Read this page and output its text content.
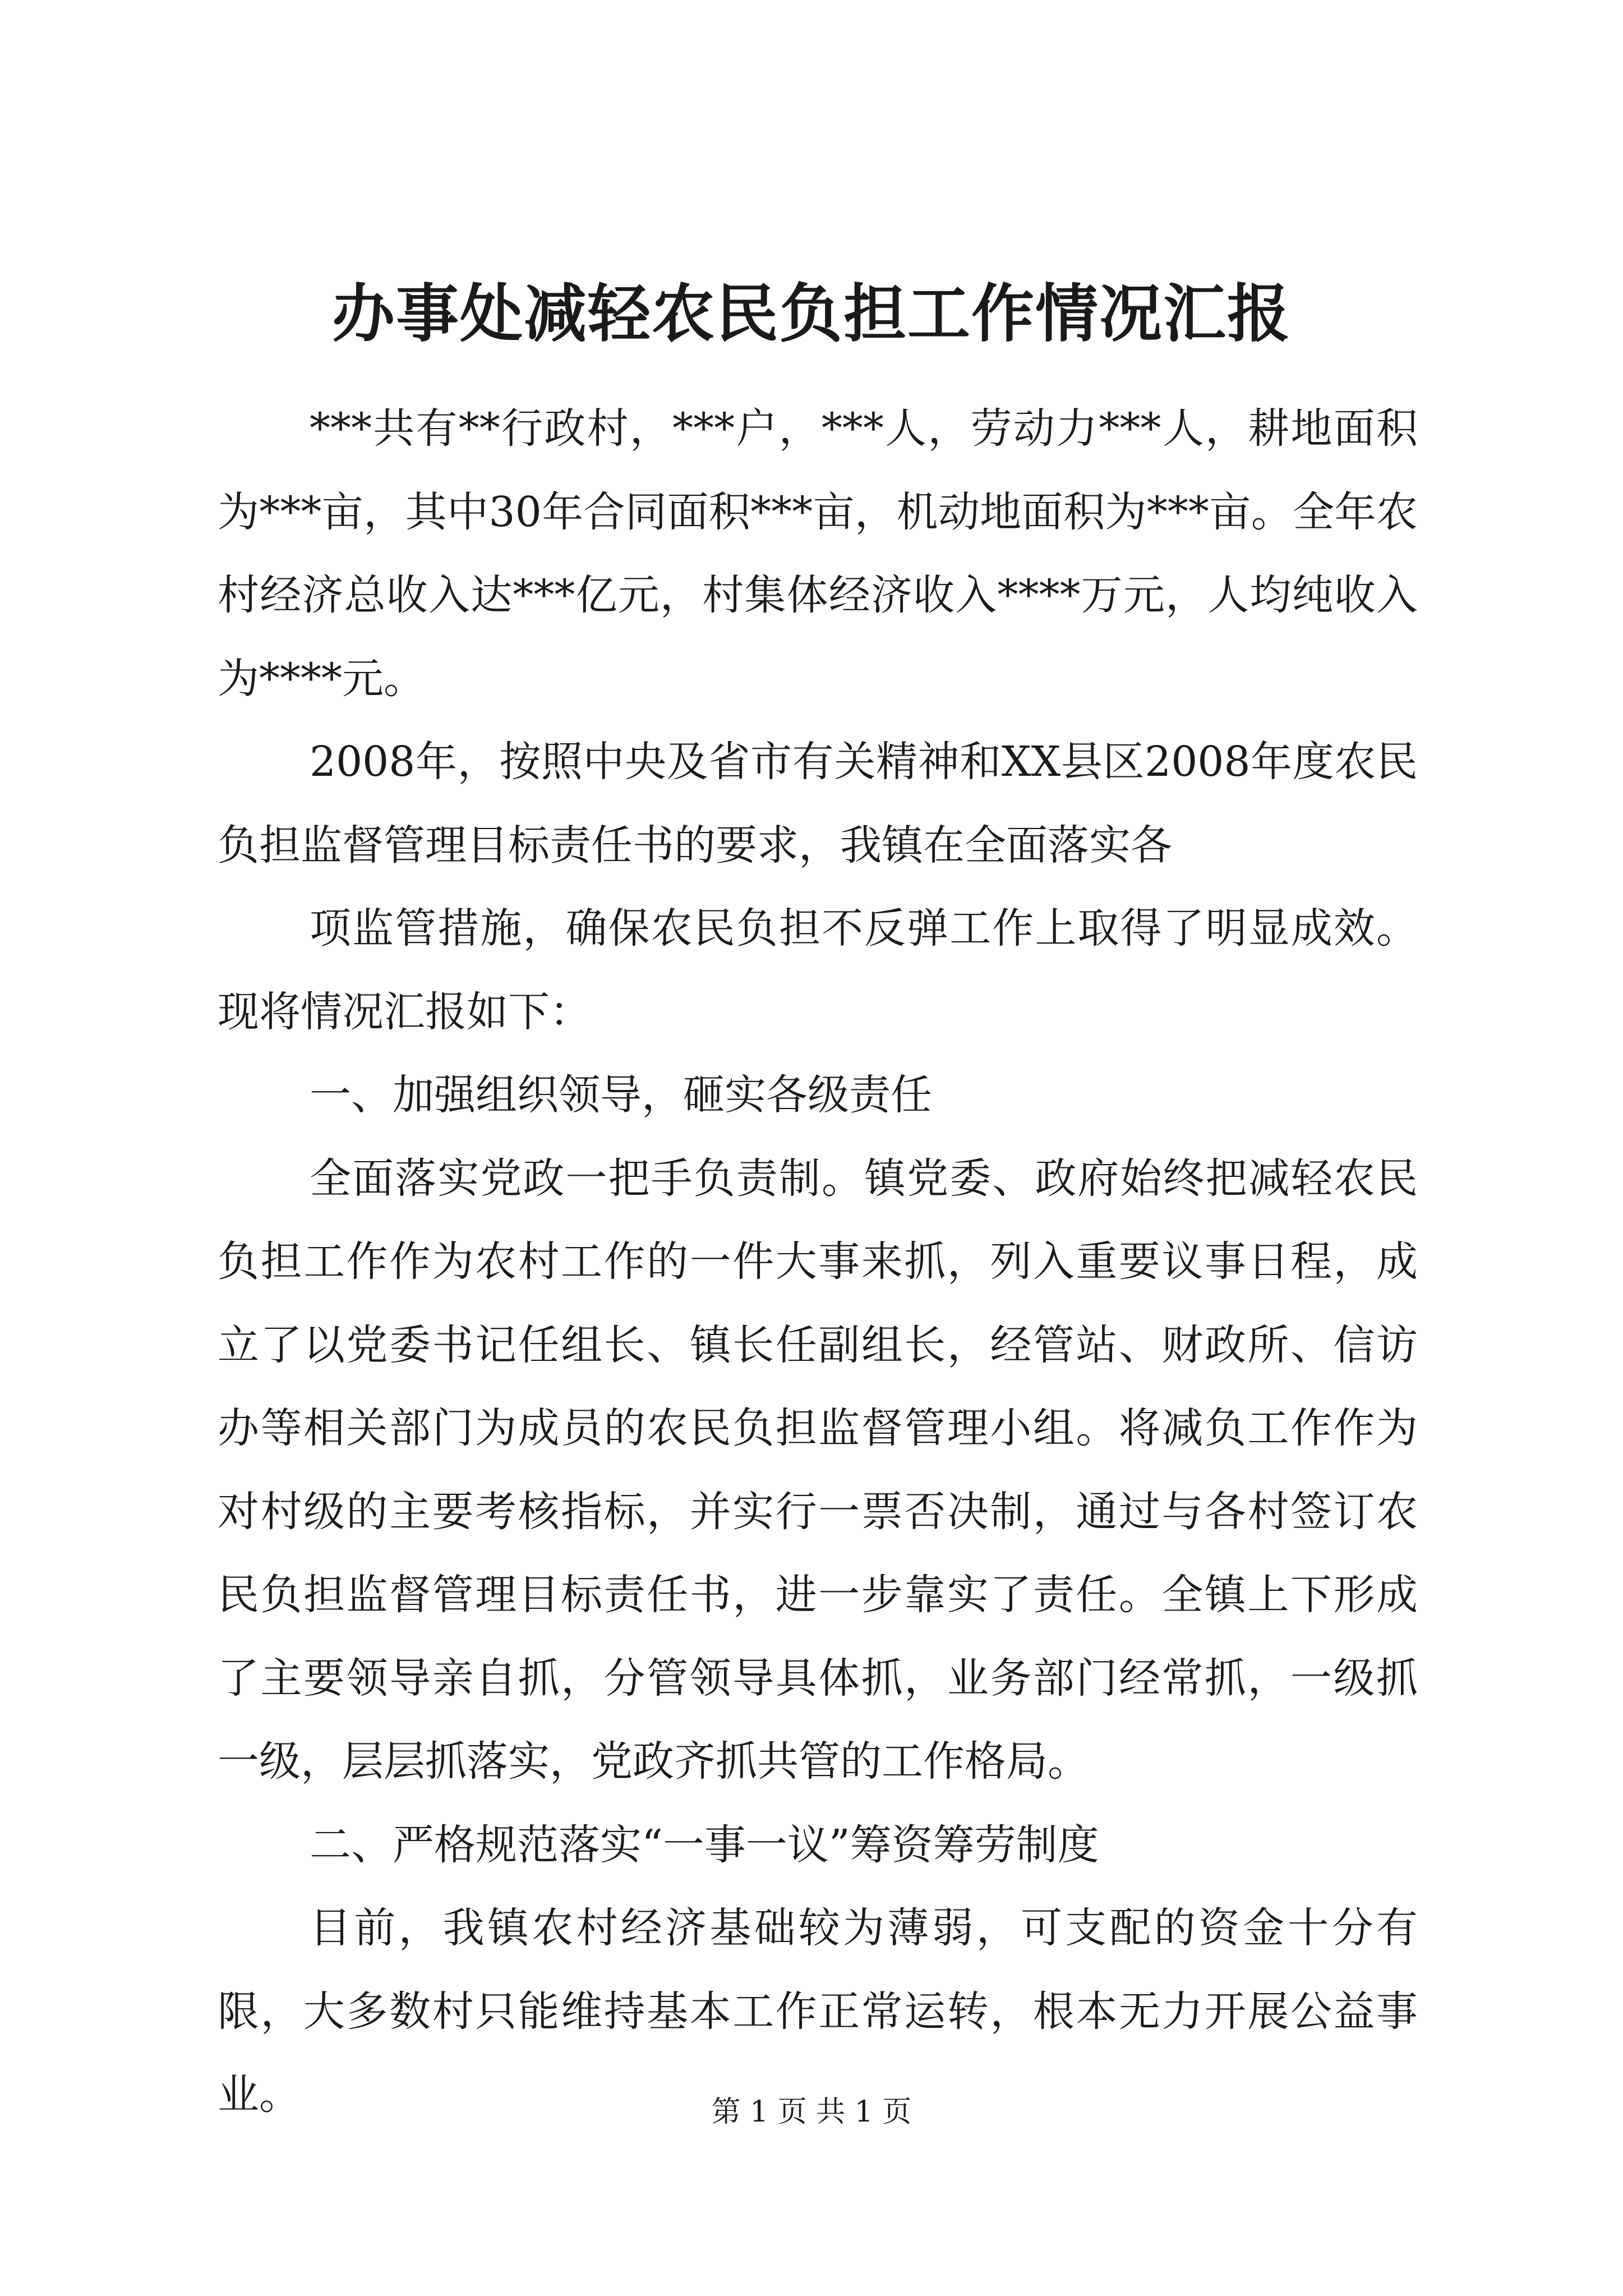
办事处减轻农民负担工作情况汇报

***共有**行政村，***户，***人，劳动力***人，耕地面积为***亩，其中30年合同面积***亩，机动地面积为***亩。全年农村经济总收入达***亿元，村集体经济收入****万元，人均纯收入为****元。

2008年，按照中央及省市有关精神和XX县区2008年度农民负担监督管理目标责任书的要求，我镇在全面落实各

项监管措施，确保农民负担不反弹工作上取得了明显成效。现将情况汇报如下：

一、加强组织领导，砸实各级责任

全面落实党政一把手负责制。镇党委、政府始终把减轻农民负担工作作为农村工作的一件大事来抓，列入重要议事日程，成立了以党委书记任组长、镇长任副组长，经管站、财政所、信访办等相关部门为成员的农民负担监督管理小组。将减负工作作为对村级的主要考核指标，并实行一票否决制，通过与各村签订农民负担监督管理目标责任书，进一步靠实了责任。全镇上下形成了主要领导亲自抓，分管领导具体抓，业务部门经常抓，一级抓一级，层层抓落实，党政齐抓共管的工作格局。

二、严格规范落实“一事一议”筹资筹劳制度

目前，我镇农村经济基础较为薄弱，可支配的资金十分有限，大多数村只能维持基本工作正常运转，根本无力开展公益事业。	第 1 页 共 1 页
